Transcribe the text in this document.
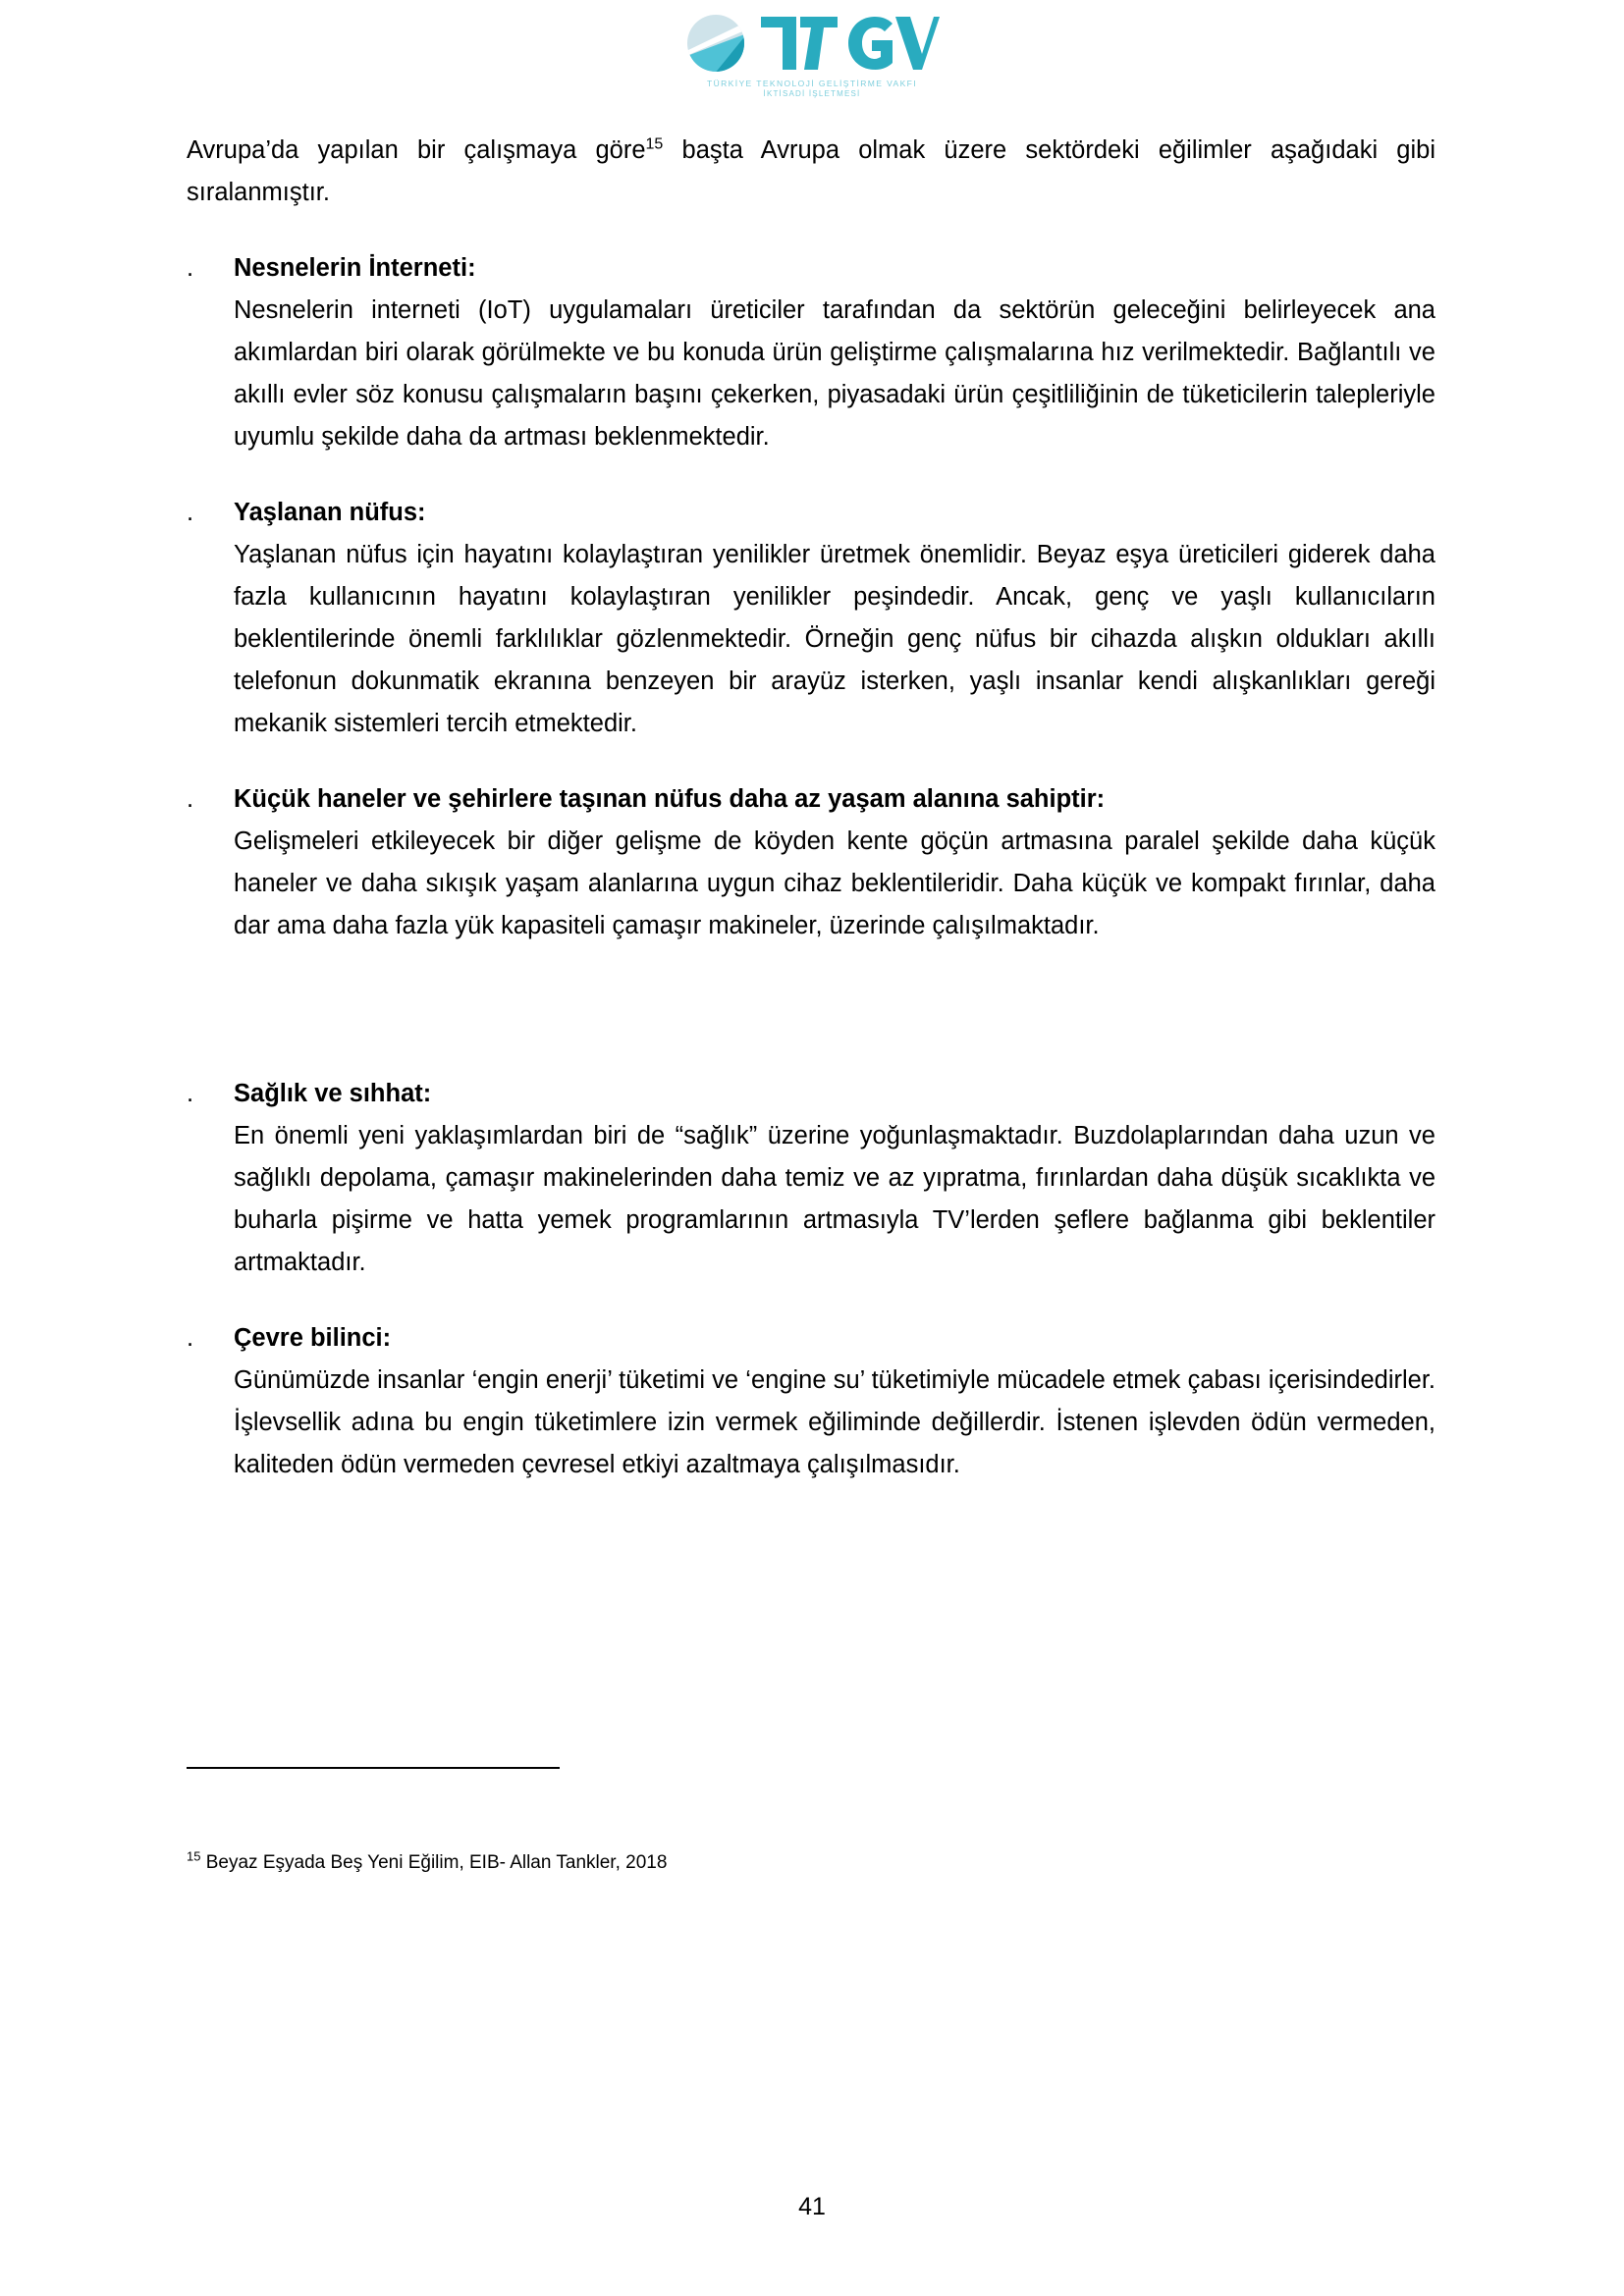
TÜRKİYE TEKNOLOJİ GELİŞTİRME VAKFI
İKTİSADİ İŞLETMESİ

Avrupa’da yapılan bir çalışmaya göre$^{15}$ başta Avrupa olmak üzere sektördeki eğilimler aşağıdaki gibi sıralanmıştır.

.	Nesnelerin İnterneti:

Nesnelerin interneti (IoT) uygulamaları üreticiler tarafından da sektörün geleceğini belirleyecek ana akımlardan biri olarak görülmekte ve bu konuda ürün geliştirme çalışmalarına hız verilmektedir. Bağlantılı ve akıllı evler söz konusu çalışmaların başını çekerken, piyasadaki ürün çeşitliliğinin de tüketicilerin talepleriyle uyumlu şekilde daha da artması beklenmektedir.

.	Yaşlanan nüfus:

Yaşlanan nüfus için hayatını kolaylaştıran yenilikler üretmek önemlidir. Beyaz eşya üreticileri giderek daha fazla kullanıcının hayatını kolaylaştıran yenilikler peşindedir. Ancak, genç ve yaşlı kullanıcıların beklentilerinde önemli farklılıklar gözlenmektedir. Örneğin genç nüfus bir cihazda alışkın oldukları akıllı telefonun dokunmatik ekranına benzeyen bir arayüz isterken, yaşlı insanlar kendi alışkanlıkları gereği mekanik sistemleri tercih etmektedir.

.	Küçük haneler ve şehirlere taşınan nüfus daha az yaşam alanına sahiptir:

Gelişmeleri etkileyecek bir diğer gelişme de köyden kente göçün artmasına paralel şekilde daha küçük haneler ve daha sıkışık yaşam alanlarına uygun cihaz beklentileridir. Daha küçük ve kompakt fırınlar, daha dar ama daha fazla yük kapasiteli çamaşır makineler, üzerinde çalışılmaktadır.

.	Sağlık ve sıhhat:

En önemli yeni yaklaşımlardan biri de “sağlık” üzerine yoğunlaşmaktadır. Buzdolaplarından daha uzun ve sağlıklı depolama, çamaşır makinelerinden daha temiz ve az yıpratma, fırınlardan daha düşük sıcaklıkta ve buharla pişirme ve hatta yemek programlarının artmasıyla TV’lerden şeflere bağlanma gibi beklentiler artmaktadır.

.	Çevre bilinci:

Günümüzde insanlar ‘engin enerji’ tüketimi ve ‘engine su’ tüketimiyle mücadele etmek çabası içerisindedirler. İşlevsellik adına bu engin tüketimlere izin vermek eğiliminde değillerdir. İstenen işlevden ödün vermeden, kaliteden ödün vermeden çevresel etkiyi azaltmaya çalışılmasıdır.

$^{15}$ Beyaz Eşyada Beş Yeni Eğilim, EIB- Allan Tankler, 2018

41
